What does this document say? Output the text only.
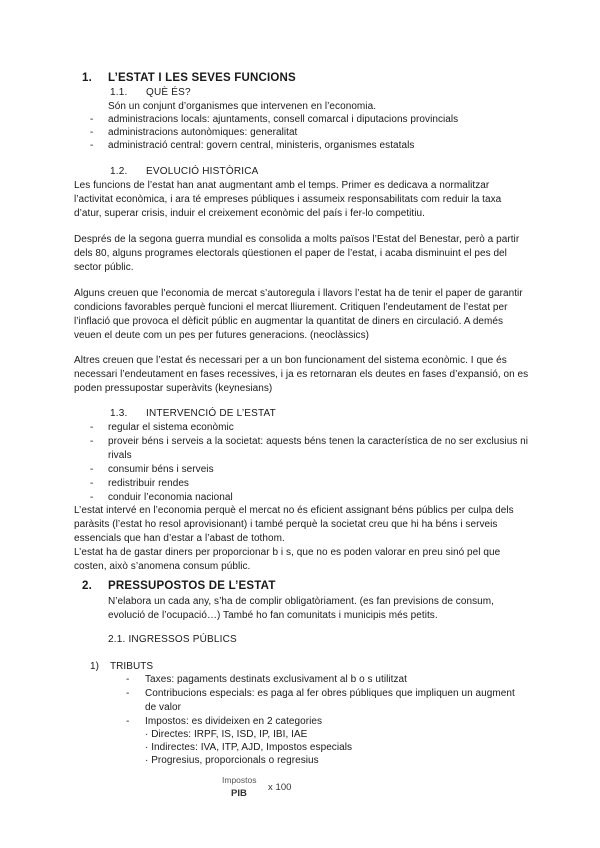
1. L’ESTAT I LES SEVES FUNCIONS
1.1. QUÈ ÉS?
Són un conjunt d’organismes que intervenen en l’economia.
- administracions locals: ajuntaments, consell comarcal i diputacions provincials
- administracions autonòmiques: generalitat
- administració central: govern central, ministeris, organismes estatals
1.2. EVOLUCIÓ HISTÒRICA
Les funcions de l’estat han anat augmentant amb el temps. Primer es dedicava a normalitzar
l’activitat econòmica, i ara té empreses públiques i assumeix responsabilitats com reduir la taxa
d’atur, superar crisis, induir el creixement econòmic del país i fer-lo competitiu.
Després de la segona guerra mundial es consolida a molts països l’Estat del Benestar, però a partir
dels 80, alguns programes electorals qüestionen el paper de l’estat, i acaba disminuint el pes del
sector públic.
Alguns creuen que l’economia de mercat s’autoregula i llavors l’estat ha de tenir el paper de garantir
condicions favorables perquè funcioni el mercat lliurement. Critiquen l’endeutament de l’estat per
l’inflació que provoca el dèficit públic en augmentar la quantitat de diners en circulació. A demés
veuen el deute com un pes per futures generacions. (neoclàssics)
Altres creuen que l’estat és necessari per a un bon funcionament del sistema econòmic. I que és
necessari l’endeutament en fases recessives, i ja es retornaran els deutes en fases d’expansió, on es
poden pressupostar superàvits (keynesians)
1.3. INTERVENCIÓ DE L’ESTAT
- regular el sistema econòmic
- proveir béns i serveis a la societat: aquests béns tenen la característica de no ser exclusius ni
rivals
- consumir béns i serveis
- redistribuir rendes
- conduir l’economia nacional
L’estat intervé en l’economia perquè el mercat no és eficient assignant béns públics per culpa dels
paràsits (l’estat ho resol aprovisionant) i també perquè la societat creu que hi ha béns i serveis
essencials que han d’estar a l’abast de tothom.
L’estat ha de gastar diners per proporcionar b i s, que no es poden valorar en preu sinó pel que
costen, això s’anomena consum públic.
2. PRESSUPOSTOS DE L’ESTAT
N’elabora un cada any, s’ha de complir obligatòriament. (es fan previsions de consum,
evolució de l’ocupació…) També ho fan comunitats i municipis més petits.
2.1. INGRESSOS PÚBLICS
1) TRIBUTS
- Taxes: pagaments destinats exclusivament al b o s utilitzat
- Contribucions especials: es paga al fer obres públiques que impliquen un augment
de valor
- Impostos: es divideixen en 2 categories
· Directes: IRPF, IS, ISD, IP, IBI, IAE
· Indirectes: IVA, ITP, AJD, Impostos especials
· Progresius, proporcionals o regresius
Impostos
PIB
x 100
